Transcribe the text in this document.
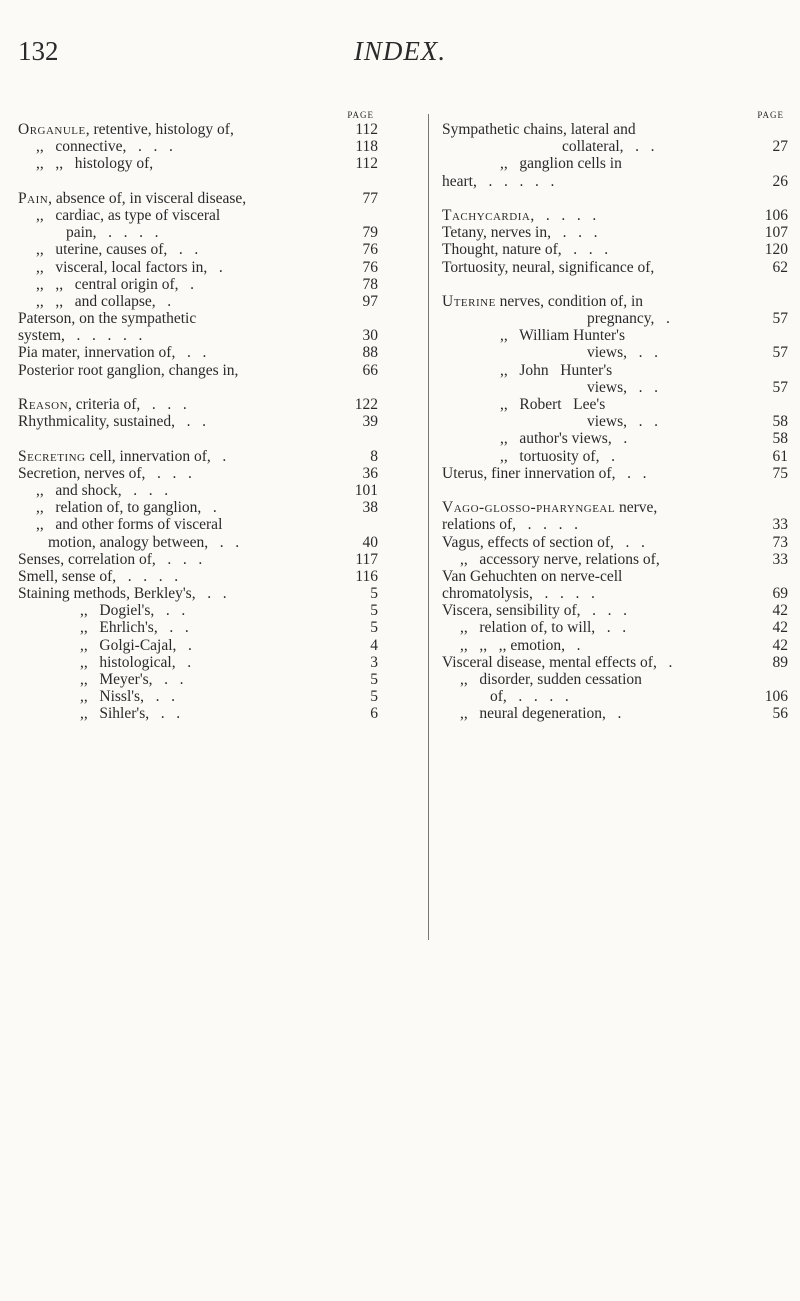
132	INDEX.
PAGE
Organule, retentive, histology of,	112
,,   connective,   .   .   .	118
,,   ,,   histology of,	112
Pain, absence of, in visceral disease,	77
,,   cardiac, as type of visceral
pain,   .   .   .   .	79
,,   uterine, causes of,   .   .	76
,,   visceral, local factors in,   .	76
,,   ,,   central origin of,   .	78
,,   ,,   and collapse,   .	97
Paterson, on the sympathetic
system,   .   .   .   .   .	30
Pia mater, innervation of,   .   .	88
Posterior root ganglion, changes in,	66
Reason, criteria of,   .   .   .	122
Rhythmicality, sustained,   .   .	39
Secreting cell, innervation of,   .	8
Secretion, nerves of,   .   .   .	36
,,   and shock,   .   .   .	101
,,   relation of, to ganglion,   .	38
,,   and other forms of visceral
motion, analogy between,   .   .	40
Senses, correlation of,   .   .   .	117
Smell, sense of,   .   .   .   .	116
Staining methods, Berkley's,   .   .	5
,,   Dogiel's,   .   .	5
,,   Ehrlich's,   .   .	5
,,   Golgi-Cajal,   .	4
,,   histological,   .	3
,,   Meyer's,   .   .	5
,,   Nissl's,   .   .	5
,,   Sihler's,   .   .	6
PAGE
Sympathetic chains, lateral and
collateral,   .   .	27
,,   ganglion cells in
heart,   .   .   .   .   .	26
Tachycardia,   .   .   .   .	106
Tetany, nerves in,   .   .   .	107
Thought, nature of,   .   .   .	120
Tortuosity, neural, significance of,	62
Uterine nerves, condition of, in
pregnancy,   .	57
,,   William Hunter's
views,   .   .	57
,,   John   Hunter's
views,   .   .	57
,,   Robert   Lee's
views,   .   .	58
,,   author's views,   .	58
,,   tortuosity of,   .	61
Uterus, finer innervation of,   .   .	75
Vago-glosso-pharyngeal nerve,
relations of,   .   .   .   .	33
Vagus, effects of section of,   .   .	73
,,   accessory nerve, relations of,	33
Van Gehuchten on nerve-cell
chromatolysis,   .   .   .   .	69
Viscera, sensibility of,   .   .   .	42
,,   relation of, to will,   .   .	42
,,   ,,   ,, emotion,   .	42
Visceral disease, mental effects of,   .	89
,,   disorder, sudden cessation
of,   .   .   .   .	106
,,   neural degeneration,   .	56
